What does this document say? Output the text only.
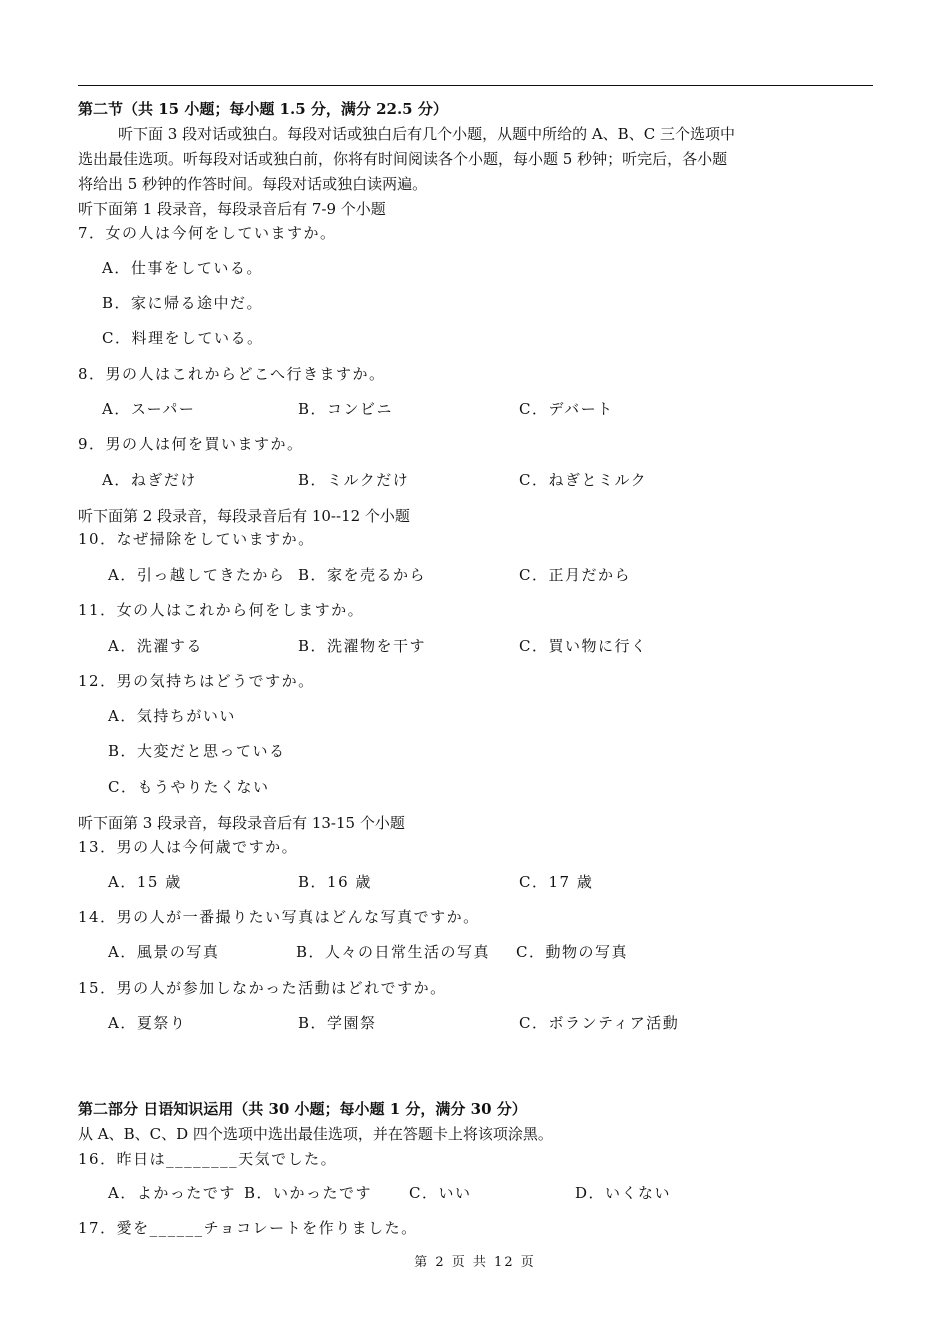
第二节（共 15 小题；每小题 1.5 分，满分 22.5 分）
听下面 3 段对话或独白。每段对话或独白后有几个小题，从题中所给的 A、B、C 三个选项中
选出最佳选项。听每段对话或独白前，你将有时间阅读各个小题，每小题 5 秒钟；听完后，各小题
将给出 5 秒钟的作答时间。每段对话或独白读两遍。
听下面第 1 段录音，每段录音后有 7-9 个小题
7．女の人は今何をしていますか。
A．仕事をしている。
B．家に帰る途中だ。
C．料理をしている。
8．男の人はこれからどこへ行きますか。
A．スーパー	B．コンビニ	C．デバート
9．男の人は何を買いますか。
A．ねぎだけ	B．ミルクだけ	C．ねぎとミルク
听下面第 2 段录音，每段录音后有 10--12 个小题
10．なぜ掃除をしていますか。
A．引っ越してきたから B．家を売るから	C．正月だから
11．女の人はこれから何をしますか。
A．洗濯する	B．洗濯物を干す	C．買い物に行く
12．男の気持ちはどうですか。
A．気持ちがいい
B．大変だと思っている
C．もうやりたくない
听下面第 3 段录音，每段录音后有 13-15 个小题
13．男の人は今何歳ですか。
A．15 歳	B．16 歳	C．17 歳
14．男の人が一番撮りたい写真はどんな写真ですか。
A．風景の写真	B．人々の日常生活の写真 C．動物の写真
15．男の人が参加しなかった活動はどれですか。
A．夏祭り	B．学園祭	C．ボランティア活動
第二部分 日语知识运用（共 30 小题；每小题 1 分，满分 30 分）
从 A、B、C、D 四个选项中选出最佳选项，并在答题卡上将该项涂黑。
16．昨日は________天気でした。
A．よかったです B．いかったです C．いい	D．いくない
17．愛を______チョコレートを作りました。
第 2 页 共 12 页
